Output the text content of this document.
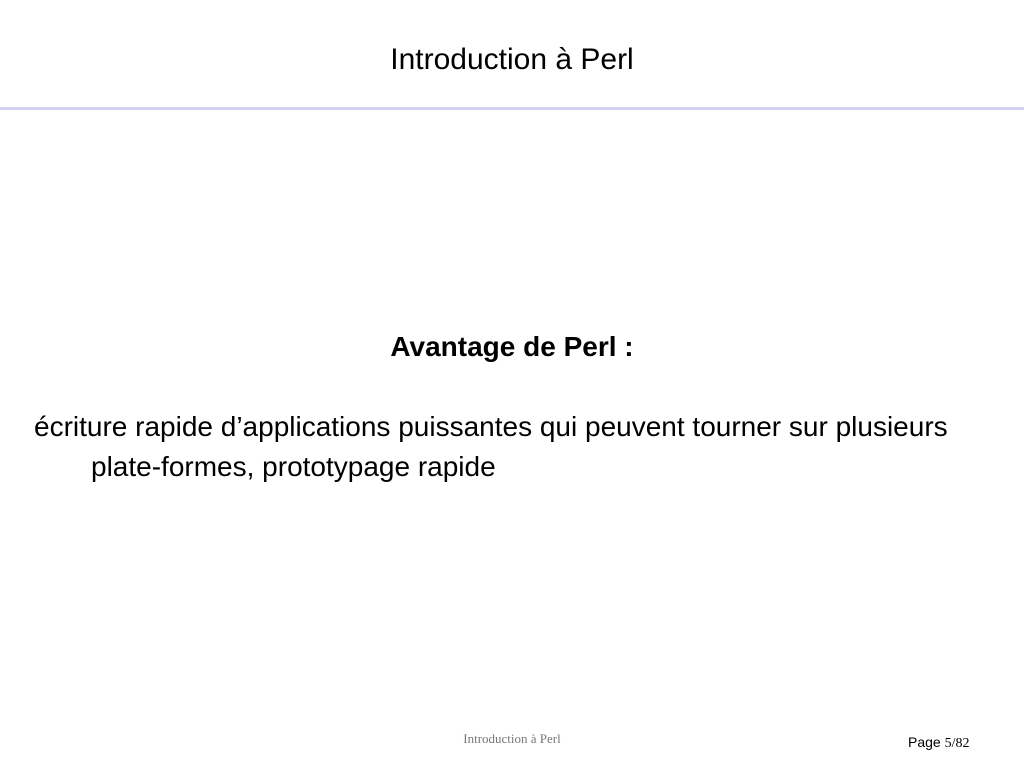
Introduction à Perl
Avantage de Perl :
écriture rapide d’applications puissantes qui peuvent tourner sur plusieurs plate-formes, prototypage rapide
Introduction à Perl	Page 5/82
